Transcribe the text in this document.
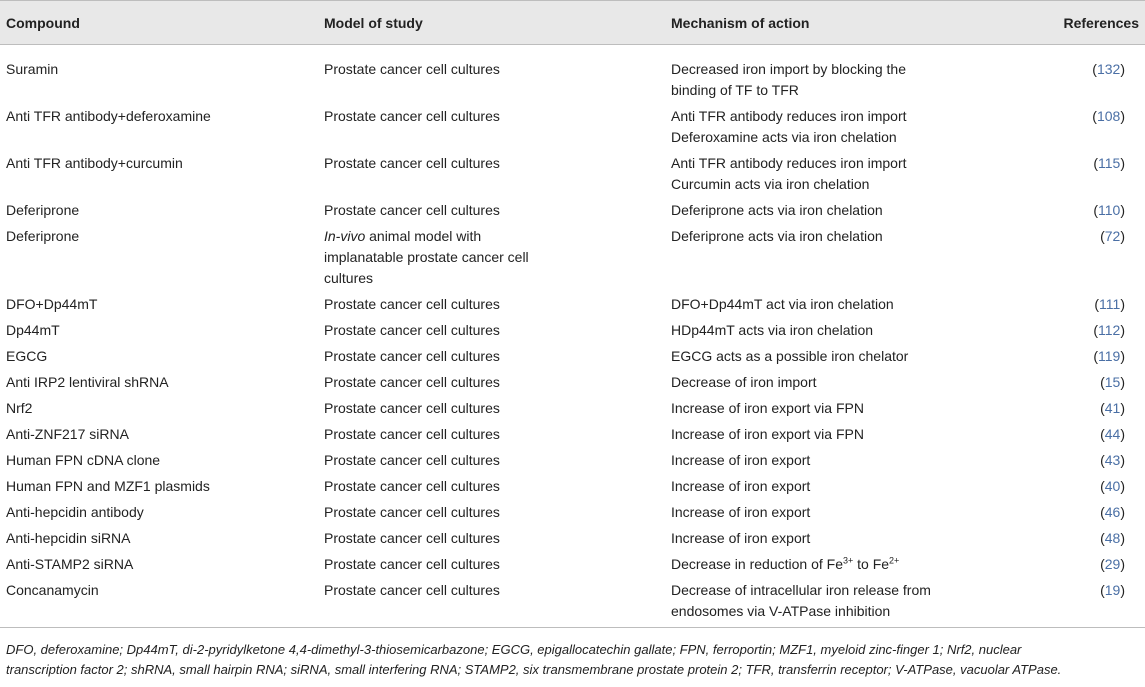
Compound	Model of study	Mechanism of action	References
Suramin	Prostate cancer cell cultures	Decreased iron import by blocking the
binding of TF to TFR	(132)
Anti TFR antibody+deferoxamine	Prostate cancer cell cultures	Anti TFR antibody reduces iron import
Deferoxamine acts via iron chelation	(108)
Anti TFR antibody+curcumin	Prostate cancer cell cultures	Anti TFR antibody reduces iron import
Curcumin acts via iron chelation	(115)
Deferiprone	Prostate cancer cell cultures	Deferiprone acts via iron chelation	(110)
Deferiprone	In-vivo animal model with
implanatable prostate cancer cell
cultures	Deferiprone acts via iron chelation	(72)
DFO+Dp44mT	Prostate cancer cell cultures	DFO+Dp44mT act via iron chelation	(111)
Dp44mT	Prostate cancer cell cultures	HDp44mT acts via iron chelation	(112)
EGCG	Prostate cancer cell cultures	EGCG acts as a possible iron chelator	(119)
Anti IRP2 lentiviral shRNA	Prostate cancer cell cultures	Decrease of iron import	(15)
Nrf2	Prostate cancer cell cultures	Increase of iron export via FPN	(41)
Anti-ZNF217 siRNA	Prostate cancer cell cultures	Increase of iron export via FPN	(44)
Human FPN cDNA clone	Prostate cancer cell cultures	Increase of iron export	(43)
Human FPN and MZF1 plasmids	Prostate cancer cell cultures	Increase of iron export	(40)
Anti-hepcidin antibody	Prostate cancer cell cultures	Increase of iron export	(46)
Anti-hepcidin siRNA	Prostate cancer cell cultures	Increase of iron export	(48)
Anti-STAMP2 siRNA	Prostate cancer cell cultures	Decrease in reduction of $Fe^{3+}$ to $Fe^{2+}$	(29)
Concanamycin	Prostate cancer cell cultures	Decrease of intracellular iron release from
endosomes via V-ATPase inhibition	(19)
DFO, deferoxamine; Dp44mT, di-2-pyridylketone 4,4-dimethyl-3-thiosemicarbazone; EGCG, epigallocatechin gallate; FPN, ferroportin; MZF1, myeloid zinc-finger 1; Nrf2, nuclear
transcription factor 2; shRNA, small hairpin RNA; siRNA, small interfering RNA; STAMP2, six transmembrane prostate protein 2; TFR, transferrin receptor; V-ATPase, vacuolar ATPase.
